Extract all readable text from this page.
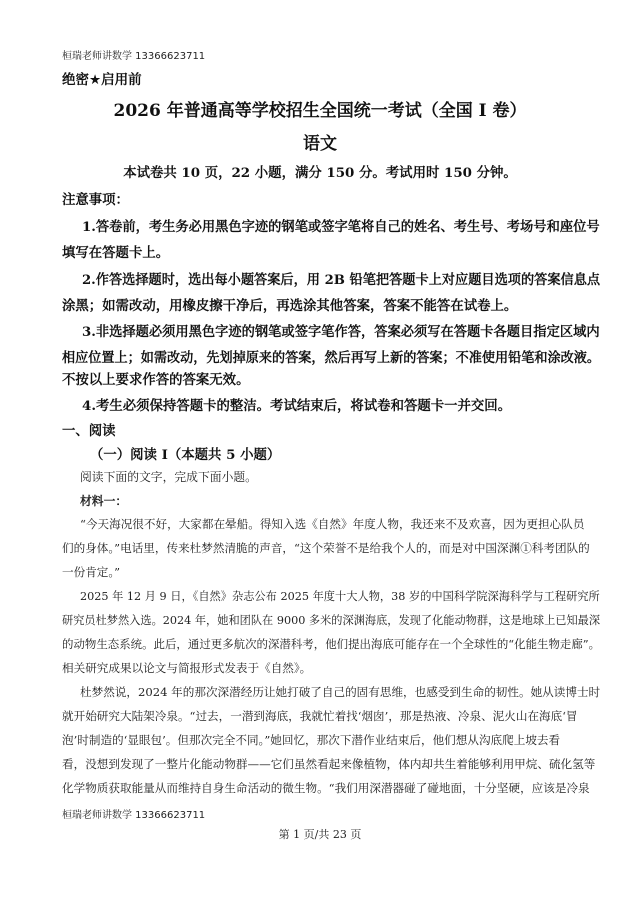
桓瑞老师讲数学 13366623711
绝密★启用前
2026 年普通高等学校招生全国统一考试（全国 I 卷）
语文
本试卷共 10 页，22 小题，满分 150 分。考试用时 150 分钟。
注意事项：
1.答卷前，考生务必用黑色字迹的钢笔或签字笔将自己的姓名、考生号、考场号和座位号
填写在答题卡上。
2.作答选择题时，选出每小题答案后，用 2B 铅笔把答题卡上对应题目选项的答案信息点
涂黑；如需改动，用橡皮擦干净后，再选涂其他答案，答案不能答在试卷上。
3.非选择题必须用黑色字迹的钢笔或签字笔作答，答案必须写在答题卡各题目指定区域内
相应位置上；如需改动，先划掉原来的答案，然后再写上新的答案；不准使用铅笔和涂改液。
不按以上要求作答的答案无效。
4.考生必须保持答题卡的整洁。考试结束后，将试卷和答题卡一并交回。
一、阅读
（一）阅读 I（本题共 5 小题）
阅读下面的文字，完成下面小题。
材料一：
“今天海况很不好，大家都在晕船。得知入选《自然》年度人物，我还来不及欢喜，因为更担心队员
们的身体。”电话里，传来杜梦然清脆的声音，“这个荣誉不是给我个人的，而是对中国深渊①科考团队的
一份肯定。”
2025 年 12 月 9 日，《自然》杂志公布 2025 年度十大人物，38 岁的中国科学院深海科学与工程研究所
研究员杜梦然入选。2024 年，她和团队在 9000 多米的深渊海底，发现了化能动物群，这是地球上已知最深
的动物生态系统。此后，通过更多航次的深潜科考，他们提出海底可能存在一个全球性的“化能生物走廊”。
相关研究成果以论文与简报形式发表于《自然》。
杜梦然说，2024 年的那次深潜经历让她打破了自己的固有思维，也感受到生命的韧性。她从读博士时
就开始研究大陆架冷泉。“过去，一潜到海底，我就忙着找‘烟囱’，那是热液、冷泉、泥火山在海底‘冒
泡’时制造的‘显眼包’。但那次完全不同。”她回忆，那次下潜作业结束后，他们想从沟底爬上坡去看
看，没想到发现了一整片化能动物群——它们虽然看起来像植物，体内却共生着能够利用甲烷、硫化氢等
化学物质获取能量从而维持自身生命活动的微生物。“我们用深潜器碰了碰地面，十分坚硬，应该是冷泉
桓瑞老师讲数学 13366623711
第 1 页/共 23 页
